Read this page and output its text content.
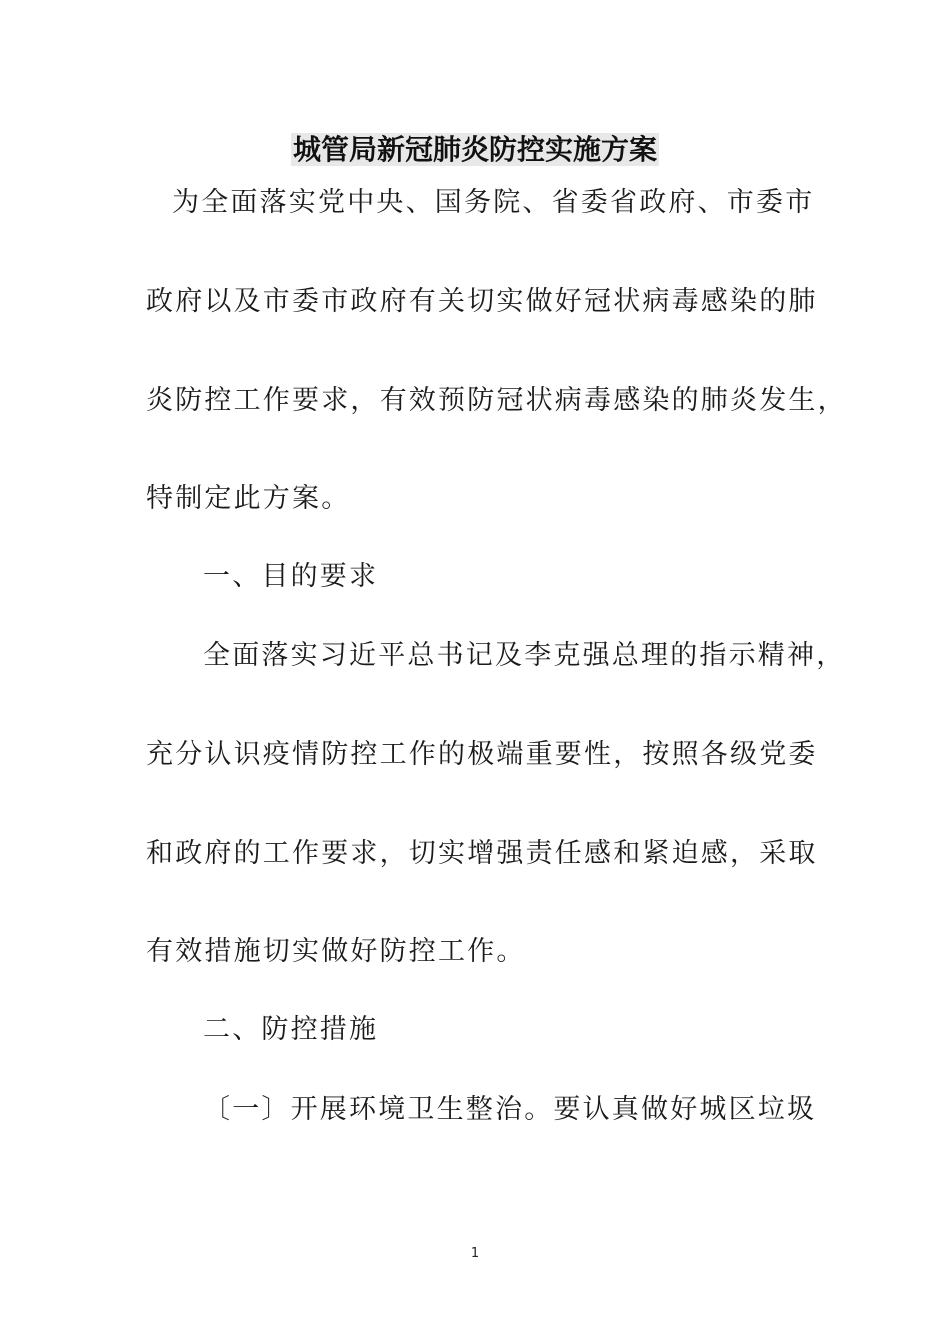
城管局新冠肺炎防控实施方案
为全面落实党中央、国务院、省委省政府、市委市
政府以及市委市政府有关切实做好冠状病毒感染的肺
炎防控工作要求，有效预防冠状病毒感染的肺炎发生，
特制定此方案。
一、目的要求
全面落实习近平总书记及李克强总理的指示精神，
充分认识疫情防控工作的极端重要性，按照各级党委
和政府的工作要求，切实增强责任感和紧迫感，采取
有效措施切实做好防控工作。
二、防控措施
〔一〕开展环境卫生整治。要认真做好城区垃圾
1
